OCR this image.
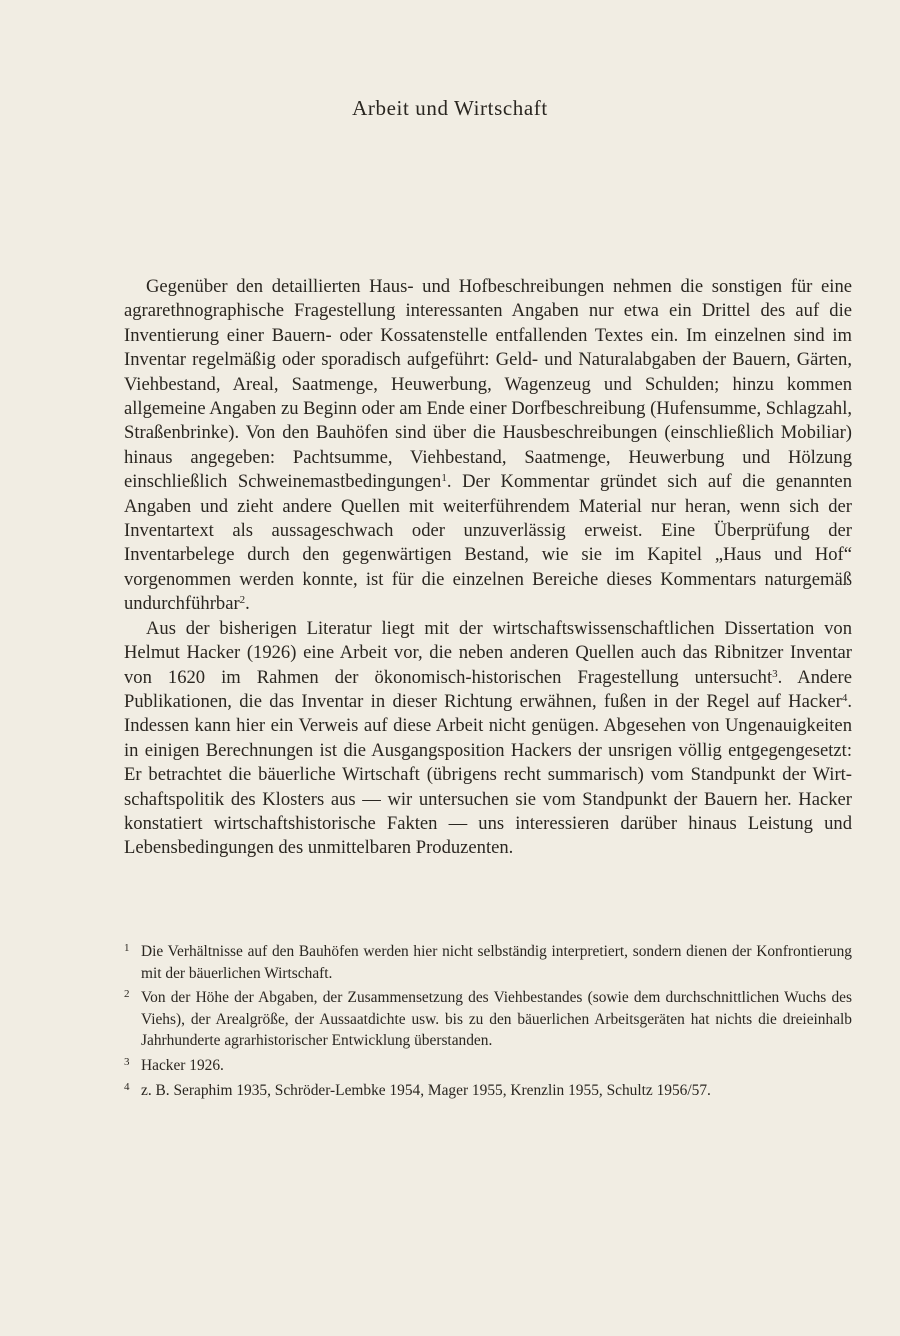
Arbeit und Wirtschaft

Gegenüber den detaillierten Haus- und Hofbeschreibungen nehmen die sonstigen für eine agrarethnographische Fragestellung interessanten Angaben nur etwa ein Drittel des auf die Inventierung einer Bauern- oder Kossatenstelle entfallenden Textes ein. Im einzelnen sind im Inventar regelmäßig oder sporadisch aufgeführt: Geld- und Naturalabgaben der Bauern, Gärten, Viehbestand, Areal, Saatmenge, Heuwerbung, Wagenzeug und Schulden; hinzu kommen allgemeine Angaben zu Beginn oder am Ende einer Dorfbeschreibung (Hufensumme, Schlagzahl, Straßenbrinke). Von den Bauhöfen sind über die Hausbeschreibungen (einschließlich Mobiliar) hinaus angegeben: Pachtsumme, Viehbestand, Saatmenge, Heuwerbung und Hölzung einschließlich Schweinemastbedingungen$^1$. Der Kommentar gründet sich auf die genannten Angaben und zieht andere Quellen mit weiterführendem Material nur heran, wenn sich der Inventartext als aussageschwach oder unzuverlässig erweist. Eine Überprüfung der Inventarbelege durch den gegenwärtigen Bestand, wie sie im Kapitel „Haus und Hof“ vorgenommen werden konnte, ist für die einzelnen Bereiche dieses Kommentars naturgemäß undurchführbar$^2$.

Aus der bisherigen Literatur liegt mit der wirtschaftswissenschaftlichen Dissertation von Helmut Hacker (1926) eine Arbeit vor, die neben anderen Quellen auch das Ribnitzer Inventar von 1620 im Rahmen der ökonomisch-historischen Fragestellung untersucht$^3$. Andere Publikationen, die das Inventar in dieser Richtung erwähnen, fußen in der Regel auf Hacker$^4$. Indessen kann hier ein Verweis auf diese Arbeit nicht genügen. Abgesehen von Ungenauigkeiten in einigen Berechnungen ist die Ausgangsposition Hackers der unsrigen völlig entgegengesetzt: Er betrachtet die bäuerliche Wirtschaft (übrigens recht summarisch) vom Standpunkt der Wirtschaftspolitik des Klosters aus — wir untersuchen sie vom Standpunkt der Bauern her. Hacker konstatiert wirtschaftshistorische Fakten — uns interessieren darüber hinaus Leistung und Lebensbedingungen des unmittelbaren Produzenten.

1 Die Verhältnisse auf den Bauhöfen werden hier nicht selbständig interpretiert, sondern dienen der Konfrontierung mit der bäuerlichen Wirtschaft.
2 Von der Höhe der Abgaben, der Zusammensetzung des Viehbestandes (sowie dem durchschnittlichen Wuchs des Viehs), der Arealgröße, der Aussaatdichte usw. bis zu den bäuerlichen Arbeitsgeräten hat nichts die dreieinhalb Jahrhunderte agrarhistorischer Entwicklung überstanden.
3 Hacker 1926.
4 z. B. Seraphim 1935, Schröder-Lembke 1954, Mager 1955, Krenzlin 1955, Schultz 1956/57.
